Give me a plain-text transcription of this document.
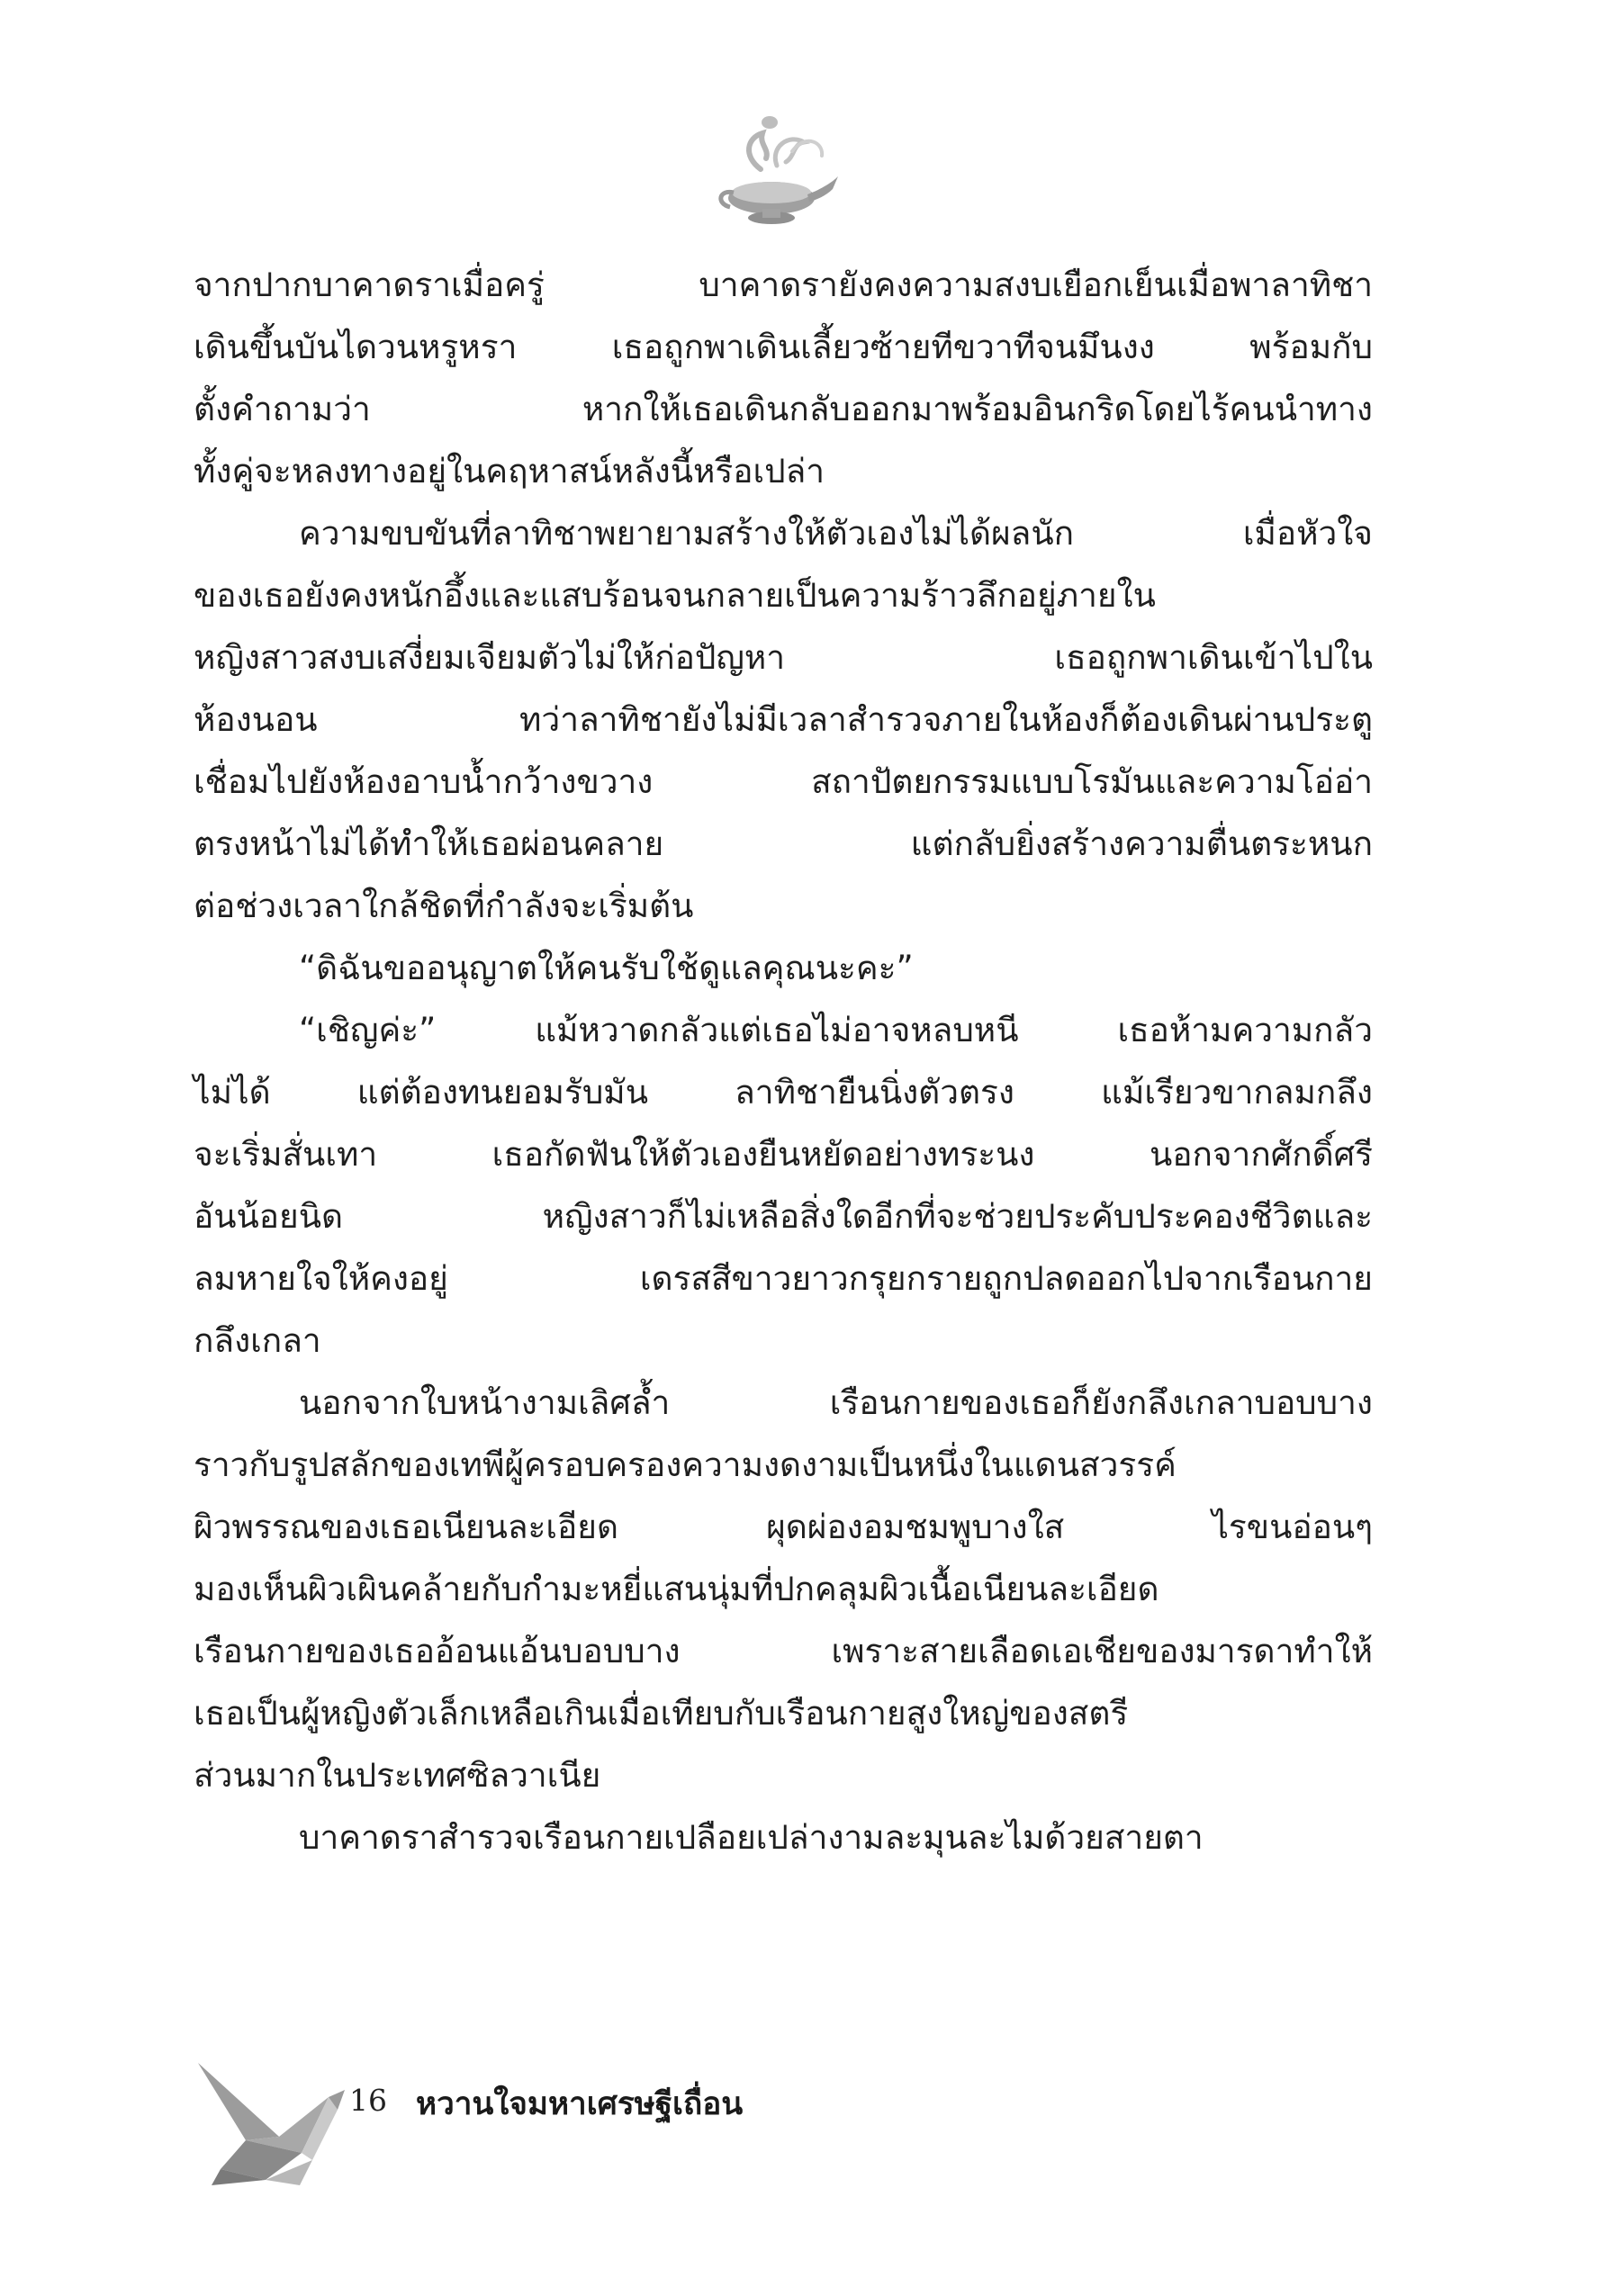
จากปากบาคาดราเมื่อครู่ บาคาดรายังคงความสงบเยือกเย็นเมื่อพาลาทิชา
เดินขึ้นบันไดวนหรูหรา เธอถูกพาเดินเลี้ยวซ้ายทีขวาทีจนมึนงง พร้อมกับ
ตั้งคำถามว่า หากให้เธอเดินกลับออกมาพร้อมอินกริดโดยไร้คนนำทาง
ทั้งคู่จะหลงทางอยู่ในคฤหาสน์หลังนี้หรือเปล่า
ความขบขันที่ลาทิชาพยายามสร้างให้ตัวเองไม่ได้ผลนัก เมื่อหัวใจ
ของเธอยังคงหนักอึ้งและแสบร้อนจนกลายเป็นความร้าวลึกอยู่ภายใน
หญิงสาวสงบเสงี่ยมเจียมตัวไม่ให้ก่อปัญหา เธอถูกพาเดินเข้าไปใน
ห้องนอน ทว่าลาทิชายังไม่มีเวลาสำรวจภายในห้องก็ต้องเดินผ่านประตู
เชื่อมไปยังห้องอาบน้ำกว้างขวาง สถาปัตยกรรมแบบโรมันและความโอ่อ่า
ตรงหน้าไม่ได้ทำให้เธอผ่อนคลาย แต่กลับยิ่งสร้างความตื่นตระหนก
ต่อช่วงเวลาใกล้ชิดที่กำลังจะเริ่มต้น
“ดิฉันขออนุญาตให้คนรับใช้ดูแลคุณนะคะ”
“เชิญค่ะ” แม้หวาดกลัวแต่เธอไม่อาจหลบหนี เธอห้ามความกลัว
ไม่ได้ แต่ต้องทนยอมรับมัน ลาทิชายืนนิ่งตัวตรง แม้เรียวขากลมกลึง
จะเริ่มสั่นเทา เธอกัดฟันให้ตัวเองยืนหยัดอย่างทระนง นอกจากศักดิ์ศรี
อันน้อยนิด หญิงสาวก็ไม่เหลือสิ่งใดอีกที่จะช่วยประคับประคองชีวิตและ
ลมหายใจให้คงอยู่ เดรสสีขาวยาวกรุยกรายถูกปลดออกไปจากเรือนกาย
กลึงเกลา
นอกจากใบหน้างามเลิศล้ำ เรือนกายของเธอก็ยังกลึงเกลาบอบบาง
ราวกับรูปสลักของเทพีผู้ครอบครองความงดงามเป็นหนึ่งในแดนสวรรค์
ผิวพรรณของเธอเนียนละเอียด ผุดผ่องอมชมพูบางใส ไรขนอ่อนๆ
มองเห็นผิวเผินคล้ายกับกำมะหยี่แสนนุ่มที่ปกคลุมผิวเนื้อเนียนละเอียด
เรือนกายของเธออ้อนแอ้นบอบบาง เพราะสายเลือดเอเชียของมารดาทำให้
เธอเป็นผู้หญิงตัวเล็กเหลือเกินเมื่อเทียบกับเรือนกายสูงใหญ่ของสตรี
ส่วนมากในประเทศซิลวาเนีย
บาคาดราสำรวจเรือนกายเปลือยเปล่างามละมุนละไมด้วยสายตา
16 หวานใจมหาเศรษฐีเถื่อน
